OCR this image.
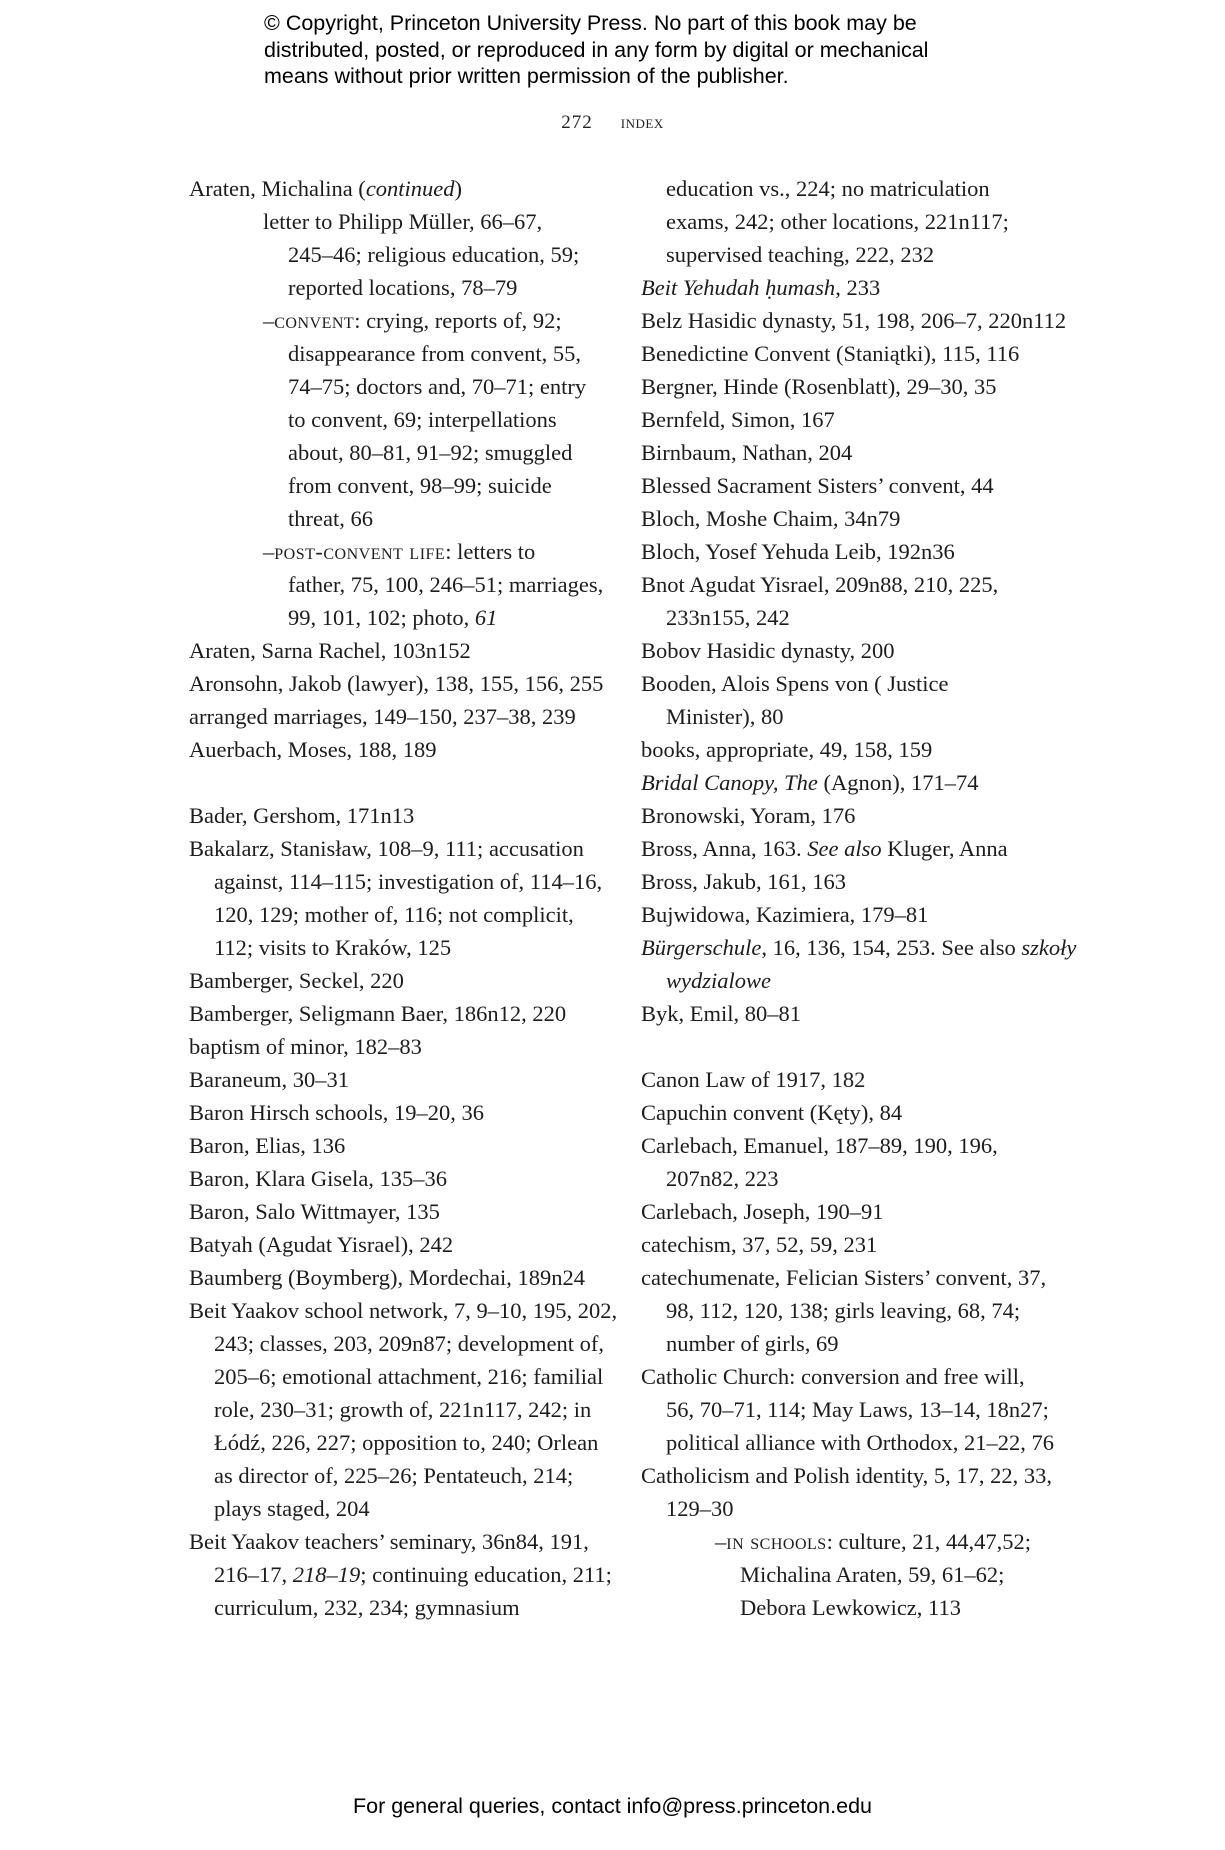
© Copyright, Princeton University Press. No part of this book may be

distributed, posted, or reproduced in any form by digital or mechanical

means without prior written permission of the publisher.

272 index
Araten, Michalina (continued)
letter to Philipp Müller, 66–67,
245–46; religious education, 59;
reported locations, 78–79
–convent: crying, reports of, 92;
disappearance from convent, 55,
74–75; doctors and, 70–71; entry
to convent, 69; interpellations
about, 80–81, 91–92; smuggled
from convent, 98–99; suicide
threat, 66
–post-convent life: letters to
father, 75, 100, 246–51; marriages,
99, 101, 102; photo, 61
Araten, Sarna Rachel, 103n152
Aronsohn, Jakob (lawyer), 138, 155, 156, 255
arranged marriages, 149–150, 237–38, 239
Auerbach, Moses, 188, 189
Bader, Gershom, 171n13
Bakalarz, Stanisław, 108–9, 111; accusation
against, 114–115; investigation of, 114–16,
120, 129; mother of, 116; not complicit,
112; visits to Kraków, 125
Bamberger, Seckel, 220
Bamberger, Seligmann Baer, 186n12, 220
baptism of minor, 182–83
Baraneum, 30–31
Baron Hirsch schools, 19–20, 36
Baron, Elias, 136
Baron, Klara Gisela, 135–36
Baron, Salo Wittmayer, 135
Batyah (Agudat Yisrael), 242
Baumberg (Boymberg), Mordechai, 189n24
Beit Yaakov school network, 7, 9–10, 195, 202,
243; classes, 203, 209n87; development of,
205–6; emotional attachment, 216; familial
role, 230–31; growth of, 221n117, 242; in
Łódź, 226, 227; opposition to, 240; Orlean
as director of, 225–26; Pentateuch, 214;
plays staged, 204
Beit Yaakov teachers’ seminary, 36n84, 191,
216–17, 218–19; continuing education, 211;
curriculum, 232, 234; gymnasium
education vs., 224; no matriculation
exams, 242; other locations, 221n117;
supervised teaching, 222, 232
Beit Yehudah ḥumash, 233
Belz Hasidic dynasty, 51, 198, 206–7, 220n112
Benedictine Convent (Staniątki), 115, 116
Bergner, Hinde (Rosenblatt), 29–30, 35
Bernfeld, Simon, 167
Birnbaum, Nathan, 204
Blessed Sacrament Sisters’ convent, 44
Bloch, Moshe Chaim, 34n79
Bloch, Yosef Yehuda Leib, 192n36
Bnot Agudat Yisrael, 209n88, 210, 225,
233n155, 242
Bobov Hasidic dynasty, 200
Booden, Alois Spens von ( Justice
Minister), 80
books, appropriate, 49, 158, 159
Bridal Canopy, The (Agnon), 171–74
Bronowski, Yoram, 176
Bross, Anna, 163. See also Kluger, Anna
Bross, Jakub, 161, 163
Bujwidowa, Kazimiera, 179–81
Bürgerschule, 16, 136, 154, 253. See also szkoły
wydzialowe
Byk, Emil, 80–81
Canon Law of 1917, 182
Capuchin convent (Kęty), 84
Carlebach, Emanuel, 187–89, 190, 196,
207n82, 223
Carlebach, Joseph, 190–91
catechism, 37, 52, 59, 231
catechumenate, Felician Sisters’ convent, 37,
98, 112, 120, 138; girls leaving, 68, 74;
number of girls, 69
Catholic Church: conversion and free will,
56, 70–71, 114; May Laws, 13–14, 18n27;
political alliance with Orthodox, 21–22, 76
Catholicism and Polish identity, 5, 17, 22, 33,
129–30
–in schools: culture, 21, 44,47,52;
Michalina Araten, 59, 61–62;
Debora Lewkowicz, 113
For general queries, contact info@press.princeton.edu
